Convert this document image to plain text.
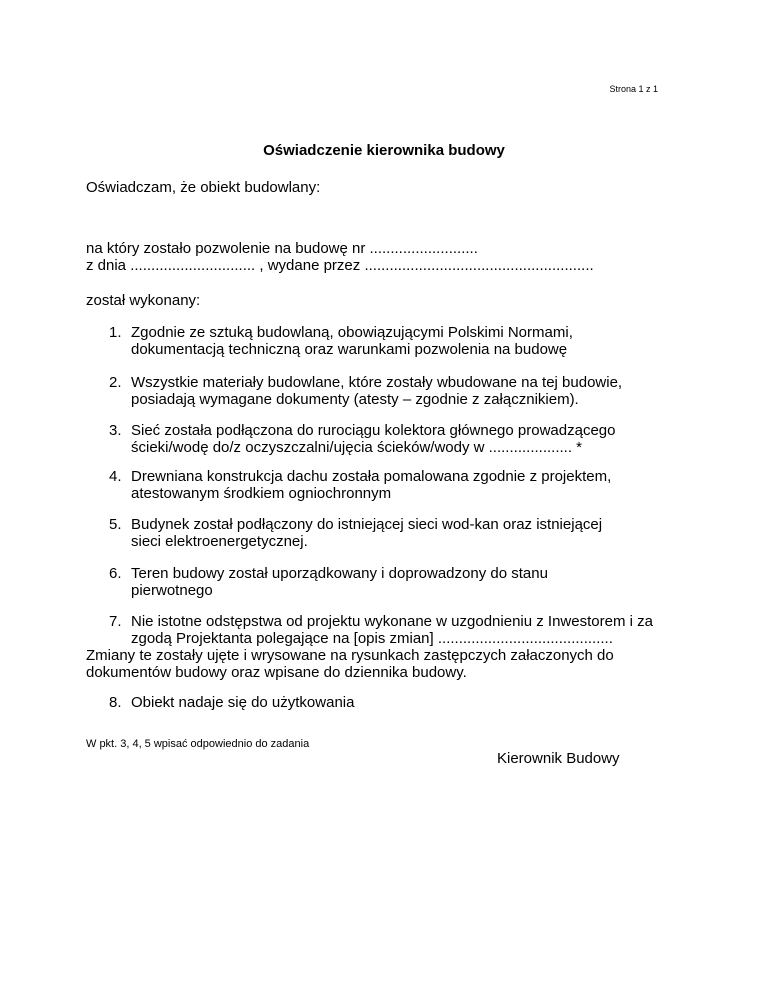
Strona 1 z 1
Oświadczenie kierownika budowy
Oświadczam, że obiekt budowlany:
na który zostało pozwolenie na budowę nr ..........................
z dnia .............................. , wydane przez .......................................................
został wykonany:
1. Zgodnie ze sztuką budowlaną, obowiązującymi Polskimi Normami,
dokumentacją techniczną oraz warunkami pozwolenia na budowę
2. Wszystkie materiały budowlane, które zostały wbudowane na tej budowie,
posiadają wymagane dokumenty (atesty – zgodnie z załącznikiem).
3. Sieć została podłączona do rurociągu kolektora głównego prowadzącego
ścieki/wodę do/z oczyszczalni/ujęcia ścieków/wody w .................... *
4. Drewniana konstrukcja dachu została pomalowana zgodnie z projektem,
atestowanym środkiem ogniochronnym
5. Budynek został podłączony do istniejącej sieci wod-kan oraz istniejącej
sieci elektroenergetycznej.
6. Teren budowy został uporządkowany i doprowadzony do stanu
pierwotnego
7. Nie istotne odstępstwa od projektu wykonane w uzgodnieniu z Inwestorem i za
zgodą Projektanta polegające na [opis zmian] ..........................................
Zmiany te zostały ujęte i wrysowane na rysunkach zastępczych załaczonych do
dokumentów budowy oraz wpisane do dziennika budowy.
8. Obiekt nadaje się do użytkowania
W pkt. 3, 4, 5 wpisać odpowiednio do zadania
Kierownik Budowy
